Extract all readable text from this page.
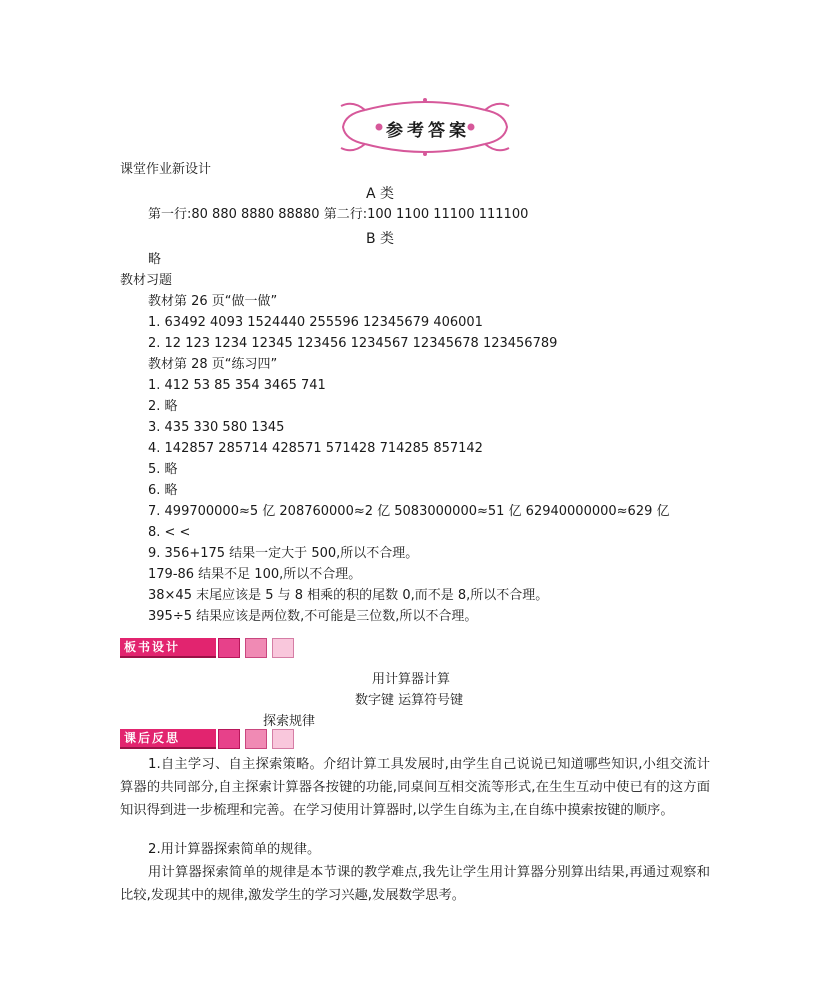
参考答案
课堂作业新设计
A 类
第一行:80 880 8880 88880 第二行:100 1100 11100 111100
B 类
略
教材习题
教材第 26 页“做一做”
1. 63492 4093 1524440 255596 12345679 406001
2. 12 123 1234 12345 123456 1234567 12345678 123456789
教材第 28 页“练习四”
1. 412 53 85 354 3465 741
2. 略
3. 435 330 580 1345
4. 142857 285714 428571 571428 714285 857142
5. 略
6. 略
7. 499700000≈5 亿 208760000≈2 亿 5083000000≈51 亿 62940000000≈629 亿
8. < <
9. 356+175 结果一定大于 500,所以不合理。
179-86 结果不足 100,所以不合理。
38×45 末尾应该是 5 与 8 相乘的积的尾数 0,而不是 8,所以不合理。
395÷5 结果应该是两位数,不可能是三位数,所以不合理。
板书设计
用计算器计算
数字键 运算符号键
探索规律
课后反思
1.自主学习、自主探索策略。介绍计算工具发展时,由学生自己说说已知道哪些知识,小组交流计算器的共同部分,自主探索计算器各按键的功能,同桌间互相交流等形式,在生生互动中使已有的这方面知识得到进一步梳理和完善。在学习使用计算器时,以学生自练为主,在自练中摸索按键的顺序。
2.用计算器探索简单的规律。
用计算器探索简单的规律是本节课的教学难点,我先让学生用计算器分别算出结果,再通过观察和比较,发现其中的规律,激发学生的学习兴趣,发展数学思考。
